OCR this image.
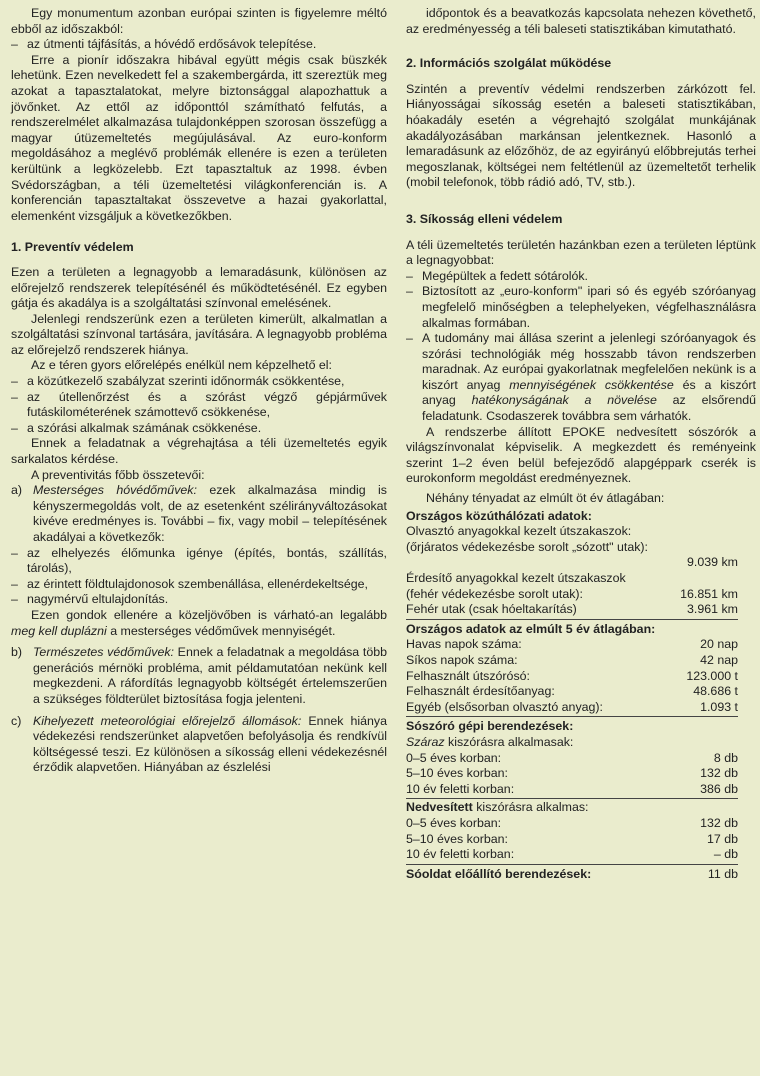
Egy monumentum azonban európai szinten is figyelemre méltó ebből az időszakból:

– az útmenti tájfásítás, a hóvédő erdősávok telepítése.

Erre a pionír időszakra hibával együtt mégis csak büszkék lehetünk. Ezen nevelkedett fel a szakembergárda, itt szereztük meg azokat a tapasztalatokat, melyre biztonsággal alapozhattuk a jövőnket. Az ettől az időponttól számítható felfutás, a rendszerelmélet alkalmazása tulajdonképpen szorosan összefügg a magyar útüzemeltetés megújulásával. Az euro-konform megoldásához a meglévő problémák ellenére is ezen a területen kerültünk a legközelebb. Ezt tapasztaltuk az 1998. évben Svédországban, a téli üzemeltetési világkonferencián is. A konferencián tapasztaltakat összevetve a hazai gyakorlattal, elemenként vizsgáljuk a következőkben.

1. Preventív védelem

Ezen a területen a legnagyobb a lemaradásunk, különösen az előrejelző rendszerek telepítésénél és működtetésénél. Ez egyben gátja és akadálya is a szolgáltatási színvonal emelésének.

Jelenlegi rendszerünk ezen a területen kimerült, alkalmatlan a szolgáltatási színvonal tartására, javítására. A legnagyobb probléma az előrejelző rendszerek hiánya.

Az e téren gyors előrelépés enélkül nem képzelhető el:

– a közútkezelő szabályzat szerinti időnormák csökkentése,
– az útellenőrzést és a szórást végző gépjárművek futáskilométerének számottevő csökkenése,
– a szórási alkalmak számának csökkenése.

Ennek a feladatnak a végrehajtása a téli üzemeltetés egyik sarkalatos kérdése.

A preventivitás főbb összetevői:

a) Mesterséges hóvédőművek: ezek alkalmazása mindig is kényszermegoldás volt, de az esetenként szélirányváltozásokat kivéve eredményes is. További – fix, vagy mobil – telepítésének akadályai a következők:
– az elhelyezés élőmunka igénye (építés, bontás, szállítás, tárolás),
– az érintett földtulajdonosok szembenállása, ellenérdekeltsége,
– nagymérvű eltulajdonítás.

Ezen gondok ellenére a közeljövőben is várható-an legalább meg kell duplázni a mesterséges védőművek mennyiségét.

b) Természetes védőművek: Ennek a feladatnak a megoldása több generációs mérnöki probléma, amit példamutatóan nekünk kell megkezdeni. A ráfordítás legnagyobb költségét értelemszerűen a szükséges földterület biztosítása fogja jelenteni.
c) Kihelyezett meteorológiai előrejelző állomások: Ennek hiánya védekezési rendszerünket alapvetően befolyásolja és rendkívül költségessé teszi. Ez különösen a síkosság elleni védekezésnél érződik alapvetően. Hiányában az észlelési

időpontok és a beavatkozás kapcsolata nehezen követhető, az eredményesség a téli baleseti statisztikában kimutatható.

2. Információs szolgálat működése

Szintén a preventív védelmi rendszerben zárkózott fel. Hiányosságai síkosság esetén a baleseti statisztikában, hóakadály esetén a végrehajtó szolgálat munkájának akadályozásában markánsan jelentkeznek. Hasonló a lemaradásunk az előzőhöz, de az egyirányú előbbrejutás terhei megoszlanak, költségei nem feltétlenül az üzemeltetőt terhelik (mobil telefonok, több rádió adó, TV, stb.).

3. Síkosság elleni védelem

A téli üzemeltetés területén hazánkban ezen a területen léptünk a legnagyobbat:

– Megépültek a fedett sótárolók.
– Biztosított az „euro-konform" ipari só és egyéb szóróanyag megfelelő minőségben a telephelyeken, végfelhasználásra alkalmas formában.
– A tudomány mai állása szerint a jelenlegi szóróanyagok és szórási technológiák még hosszabb távon rendszerben maradnak. Az európai gyakorlatnak megfelelően nekünk is a kiszórt anyag mennyiségének csökkentése és a kiszórt anyag hatékonyságának a növelése az elsőrendű feladatunk. Csodaszerek továbbra sem várhatók.

A rendszerbe állított EPOKE nedvesített sószórók a világszínvonalat képviselik. A megkezdett és reményeink szerint 1–2 éven belül befejeződő alapgéppark cserék is eurokonform megoldást eredményeznek.

Néhány tényadat az elmúlt öt év átlagában:

Országos közúthálózati adatok:
Olvasztó anyagokkal kezelt útszakaszok:
(őrjáratos védekezésbe sorolt „sózott" utak):
9.039 km
Érdesítő anyagokkal kezelt útszakaszok
(fehér védekezésbe sorolt utak):	16.851 km
Fehér utak (csak hóeltakarítás)	3.961 km
Országos adatok az elmúlt 5 év átlagában:
Havas napok száma:	20 nap
Síkos napok száma:	42 nap
Felhasznált útszórósó:	123.000 t
Felhasznált érdesítőanyag:	48.686 t
Egyéb (elsősorban olvasztó anyag):	1.093 t
Sószóró gépi berendezések:
Száraz kiszórásra alkalmasak:
0–5 éves korban:	8 db
5–10 éves korban:	132 db
10 év feletti korban:	386 db
Nedvesített kiszórásra alkalmas:
0–5 éves korban:	132 db
5–10 éves korban:	17 db
10 év feletti korban:	– db
Sóoldat előállító berendezések:	11 db
